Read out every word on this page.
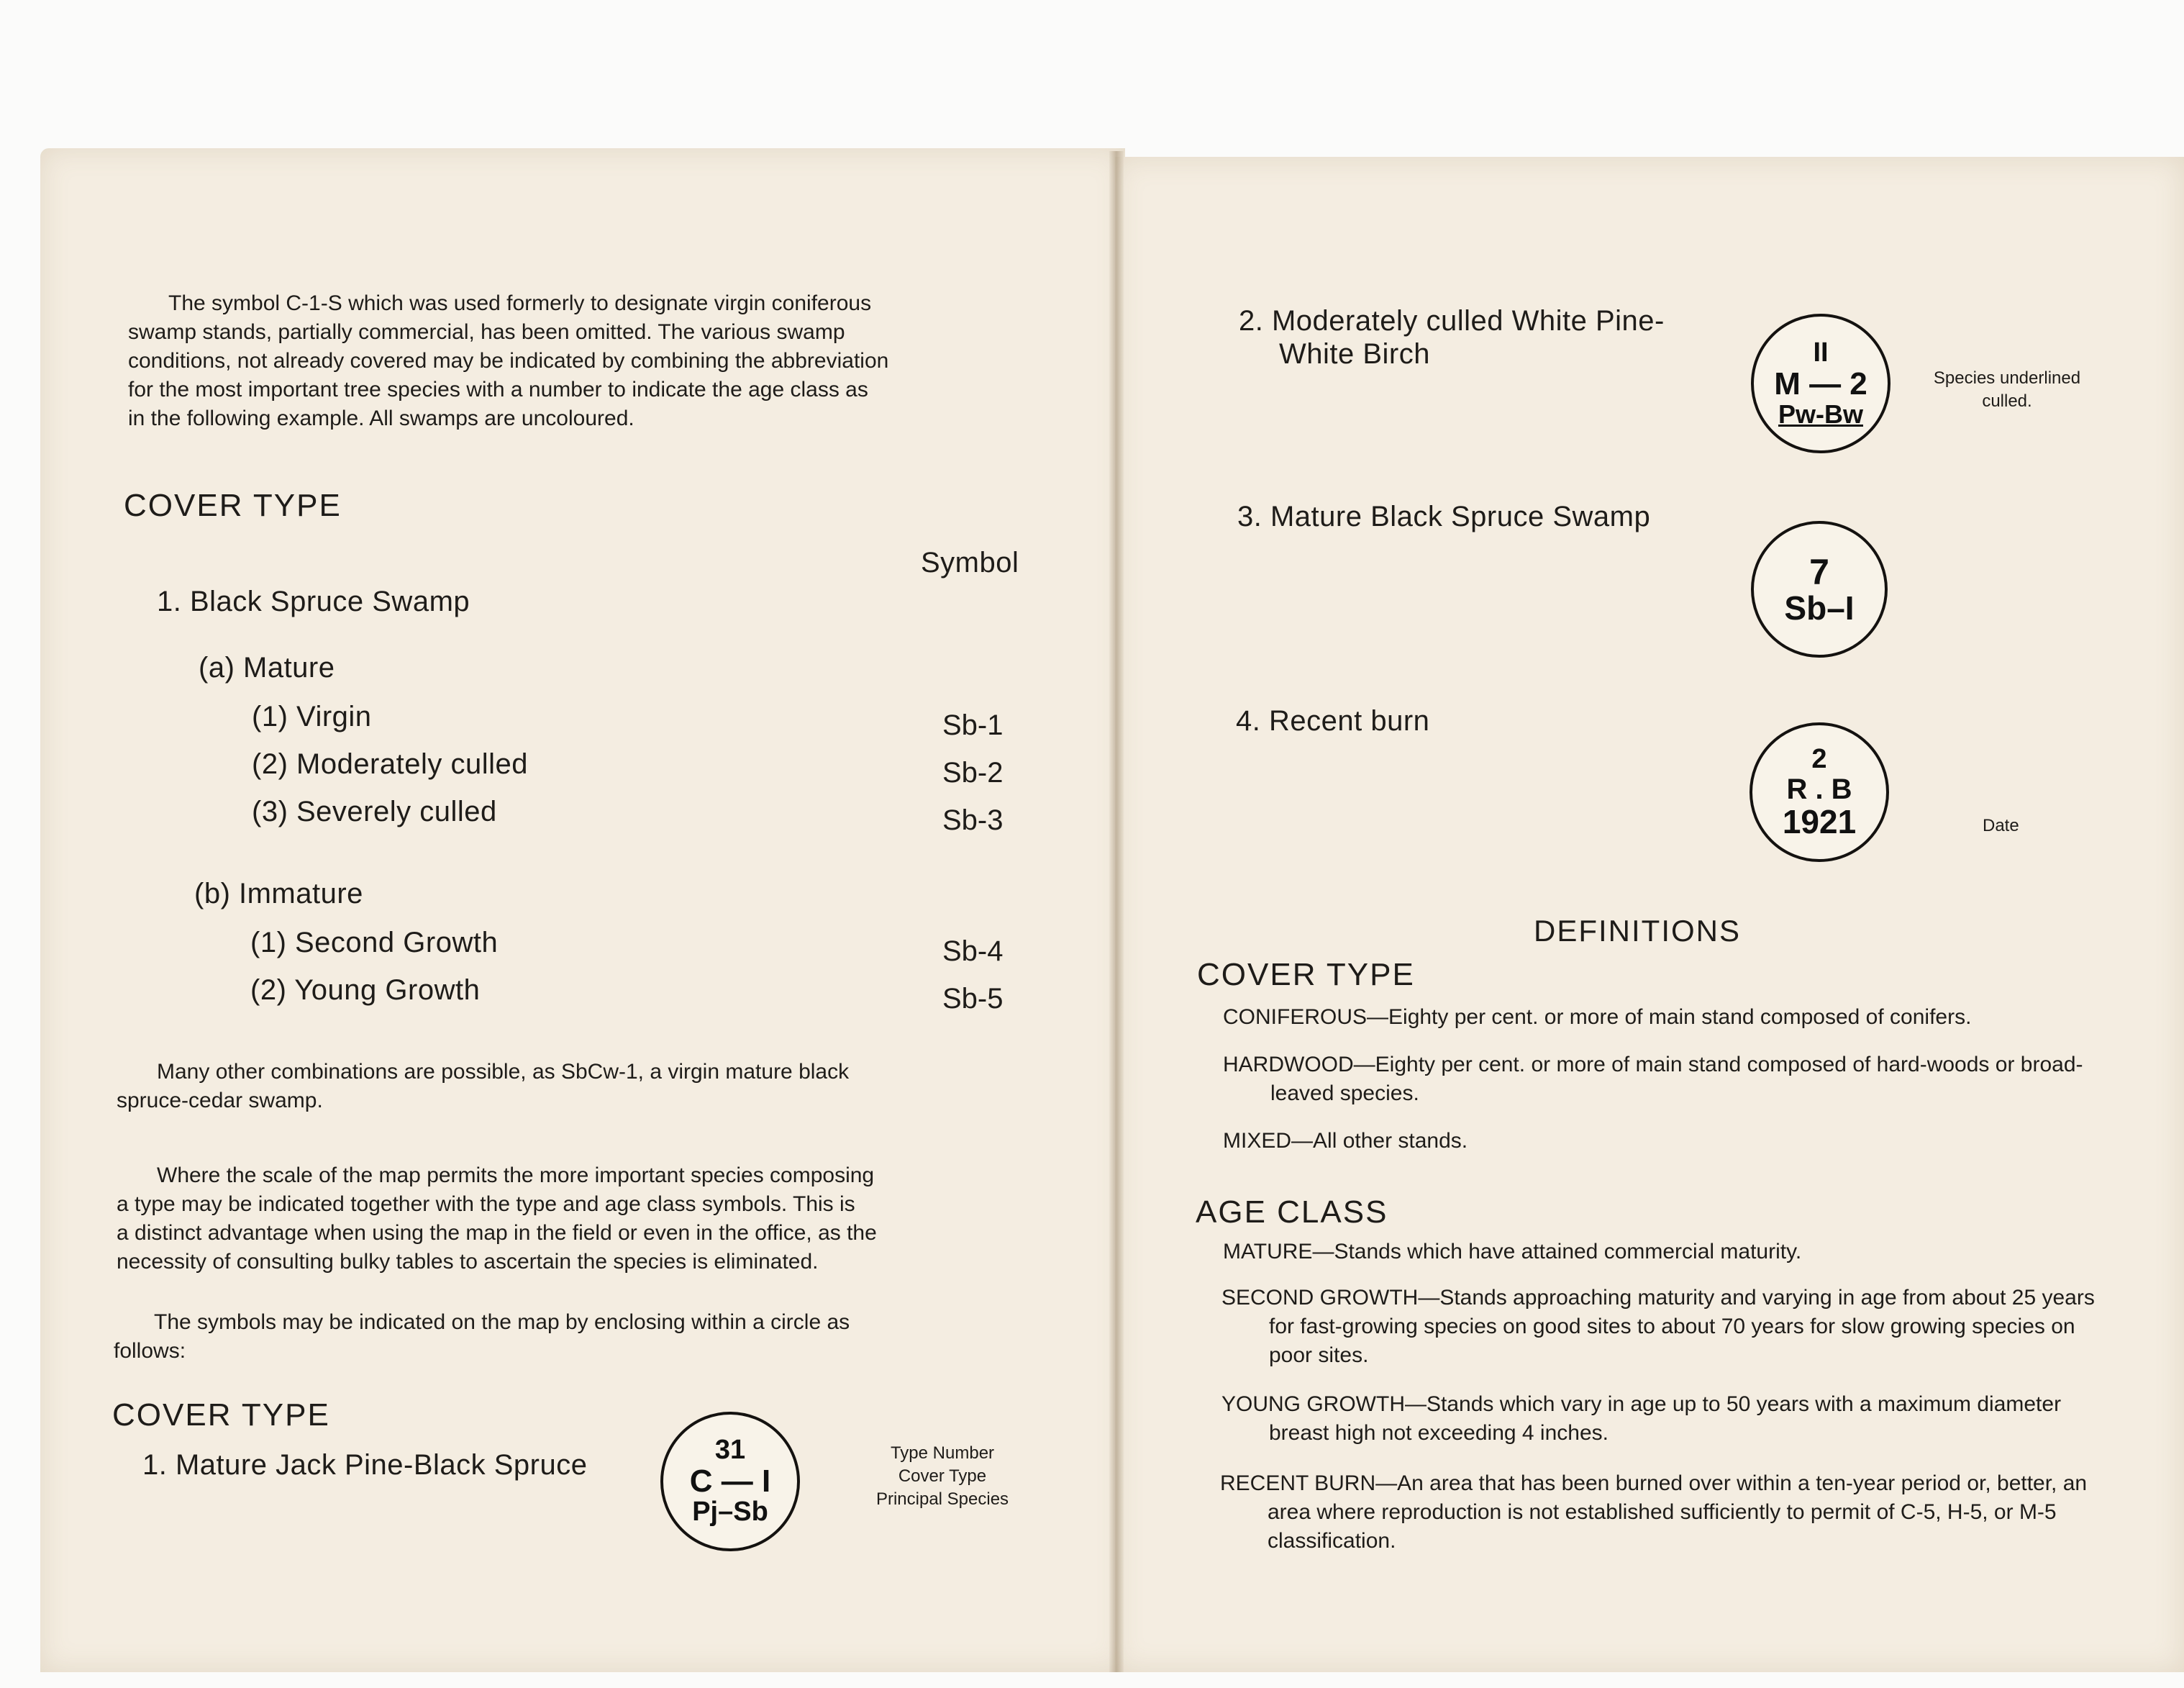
The symbol C-1-S which was used formerly to designate virgin coniferous

swamp stands, partially commercial, has been omitted. The various swamp

conditions, not already covered may be indicated by combining the abbreviation

for the most important tree species with a number to indicate the age class as

in the following example. All swamps are uncoloured.

COVER TYPE
Symbol
1. Black Spruce Swamp
(a) Mature
(1) Virgin	Sb-1
(2) Moderately culled	Sb-2
(3) Severely culled	Sb-3
(b) Immature
(1) Second Growth	Sb-4
(2) Young Growth	Sb-5

Many other combinations are possible, as SbCw-1, a virgin mature black

spruce-cedar swamp.

Where the scale of the map permits the more important species composing

a type may be indicated together with the type and age class symbols. This is

a distinct advantage when using the map in the field or even in the office, as the

necessity of consulting bulky tables to ascertain the species is eliminated.

The symbols may be indicated on the map by enclosing within a circle as

follows:

COVER TYPE
1. Mature Jack Pine-Black Spruce	31
C — I
Pj–Sb
Type Number
Cover Type
Principal Species
2. Moderately culled White Pine-
White Birch	II
M — 2
Pw-Bw
Species underlined
culled.
3. Mature Black Spruce Swamp
7
Sb–I
4. Recent burn
2
R . B
1921	Date
DEFINITIONS
COVER TYPE
CONIFEROUS—Eighty per cent. or more of main stand composed of conifers.
HARDWOOD—Eighty per cent. or more of main stand composed of hard-woods or broad-leaved species.
MIXED—All other stands.
AGE CLASS
MATURE—Stands which have attained commercial maturity.
SECOND GROWTH—Stands approaching maturity and varying in age from about 25 years for fast-growing species on good sites to about 70 years for slow growing species on poor sites.
YOUNG GROWTH—Stands which vary in age up to 50 years with a maximum diameter breast high not exceeding 4 inches.
RECENT BURN—An area that has been burned over within a ten-year period or, better, an area where reproduction is not established sufficiently to permit of C-5, H-5, or M-5 classification.
